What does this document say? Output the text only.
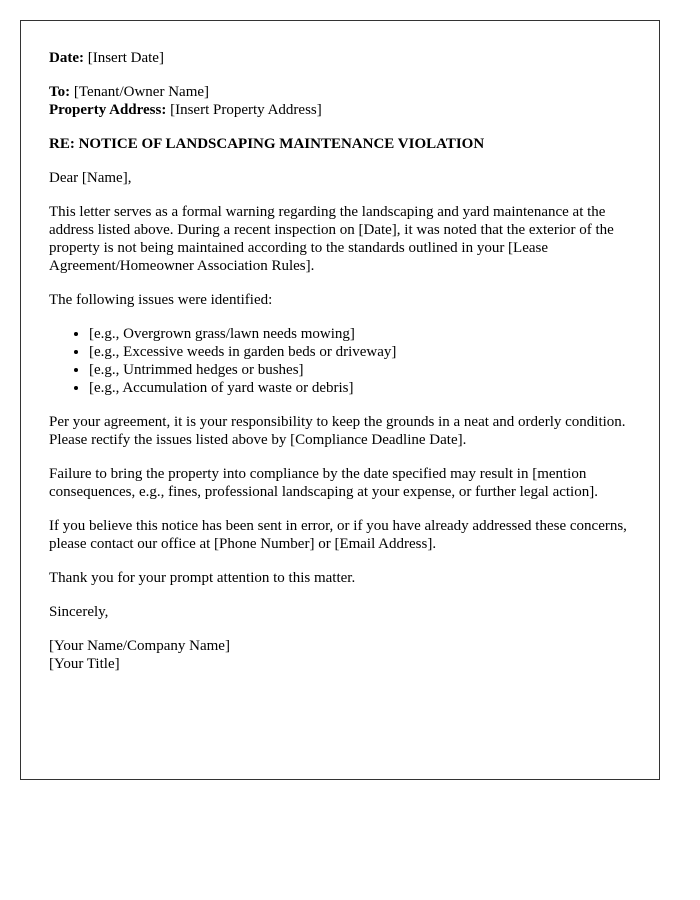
Date: [Insert Date]

To: [Tenant/Owner Name]
Property Address: [Insert Property Address]

RE: NOTICE OF LANDSCAPING MAINTENANCE VIOLATION

Dear [Name],

This letter serves as a formal warning regarding the landscaping and yard maintenance at the address listed above. During a recent inspection on [Date], it was noted that the exterior of the property is not being maintained according to the standards outlined in your [Lease Agreement/Homeowner Association Rules].

The following issues were identified:

• [e.g., Overgrown grass/lawn needs mowing]
• [e.g., Excessive weeds in garden beds or driveway]
• [e.g., Untrimmed hedges or bushes]
• [e.g., Accumulation of yard waste or debris]

Per your agreement, it is your responsibility to keep the grounds in a neat and orderly condition. Please rectify the issues listed above by [Compliance Deadline Date].

Failure to bring the property into compliance by the date specified may result in [mention consequences, e.g., fines, professional landscaping at your expense, or further legal action].

If you believe this notice has been sent in error, or if you have already addressed these concerns, please contact our office at [Phone Number] or [Email Address].

Thank you for your prompt attention to this matter.

Sincerely,

[Your Name/Company Name]
[Your Title]
